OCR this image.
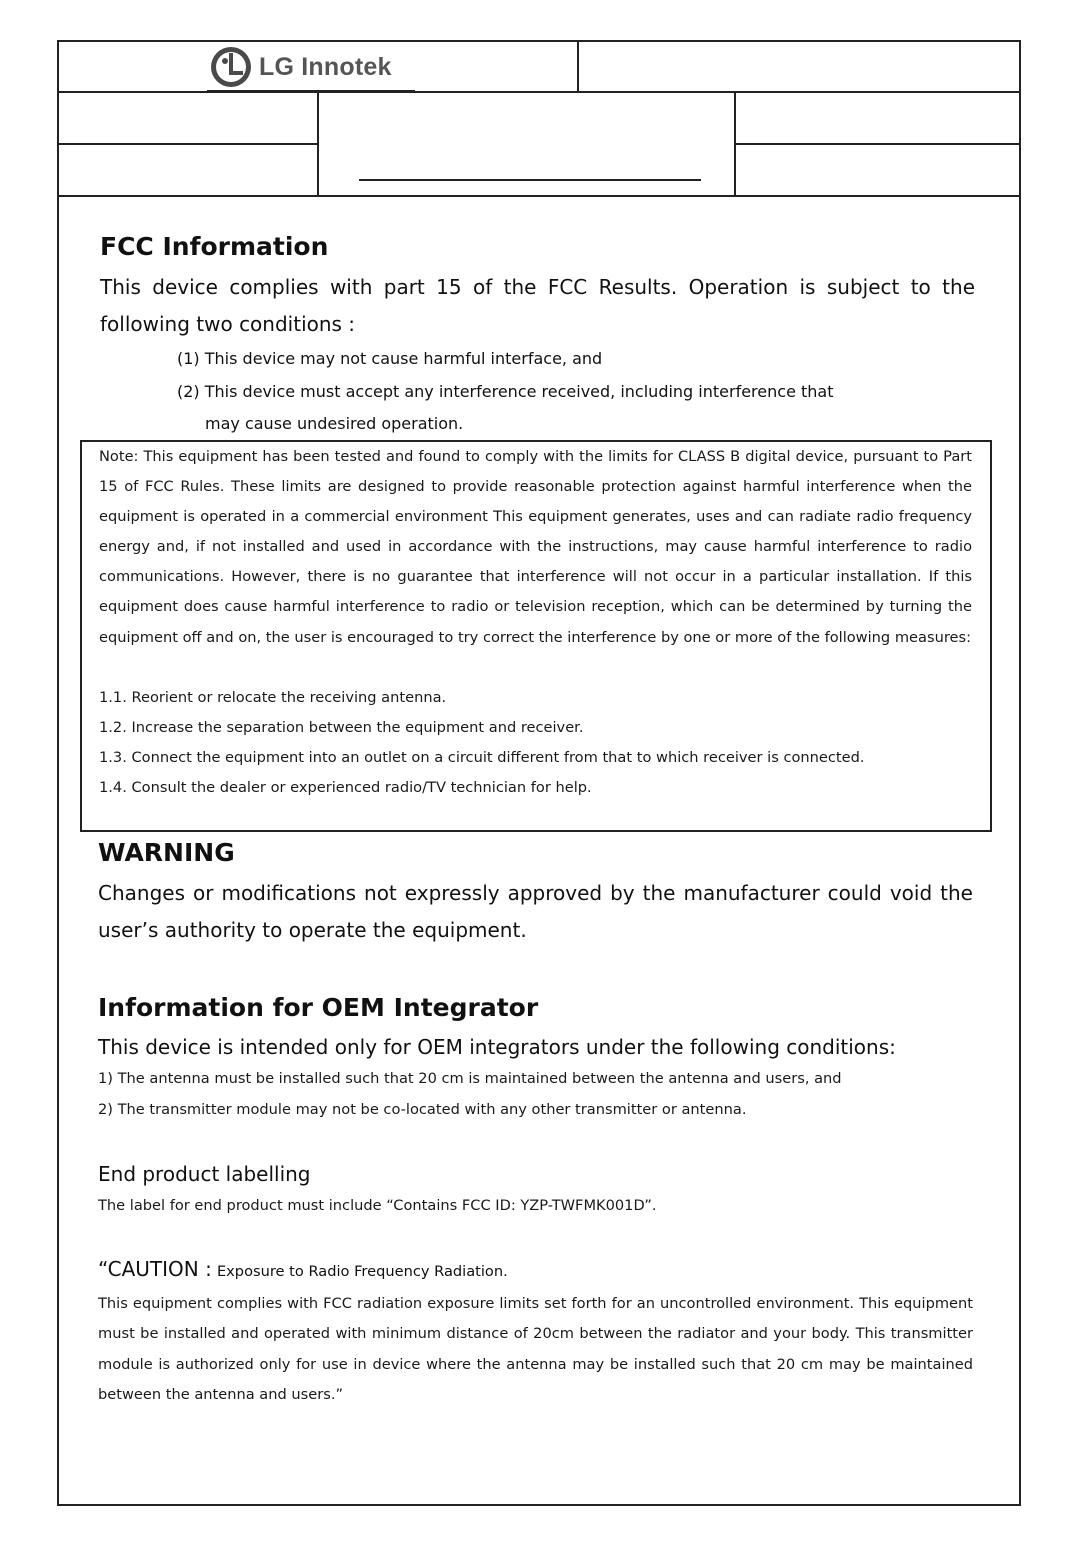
LG Innotek
FCC Information

This device complies with part 15 of the FCC Results. Operation is subject to the following two conditions :

(1) This device may not cause harmful interface, and
(2) This device must accept any interference received, including interference that
may cause undesired operation.

Note: This equipment has been tested and found to comply with the limits for CLASS B digital device, pursuant to Part 15 of FCC Rules. These limits are designed to provide reasonable protection against harmful interference when the equipment is operated in a commercial environment This equipment generates, uses and can radiate radio frequency energy and, if not installed and used in accordance with the instructions, may cause harmful interference to radio communications. However, there is no guarantee that interference will not occur in a particular installation. If this equipment does cause harmful interference to radio or television reception, which can be determined by turning the equipment off and on, the user is encouraged to try correct the interference by one or more of the following measures:

1.1. Reorient or relocate the receiving antenna.
1.2. Increase the separation between the equipment and receiver.
1.3. Connect the equipment into an outlet on a circuit different from that to which receiver is connected.
1.4. Consult the dealer or experienced radio/TV technician for help.
WARNING

Changes or modifications not expressly approved by the manufacturer could void the user’s authority to operate the equipment.

Information for OEM Integrator

This device is intended only for OEM integrators under the following conditions:

1) The antenna must be installed such that 20 cm is maintained between the antenna and users, and

2) The transmitter module may not be co-located with any other transmitter or antenna.

End product labelling

The label for end product must include “Contains FCC ID: YZP-TWFMK001D”.

“CAUTION : Exposure to Radio Frequency Radiation.

This equipment complies with FCC radiation exposure limits set forth for an uncontrolled environment. This equipment must be installed and operated with minimum distance of 20cm between the radiator and your body. This transmitter module is authorized only for use in device where the antenna may be installed such that 20 cm may be maintained between the antenna and users.”
